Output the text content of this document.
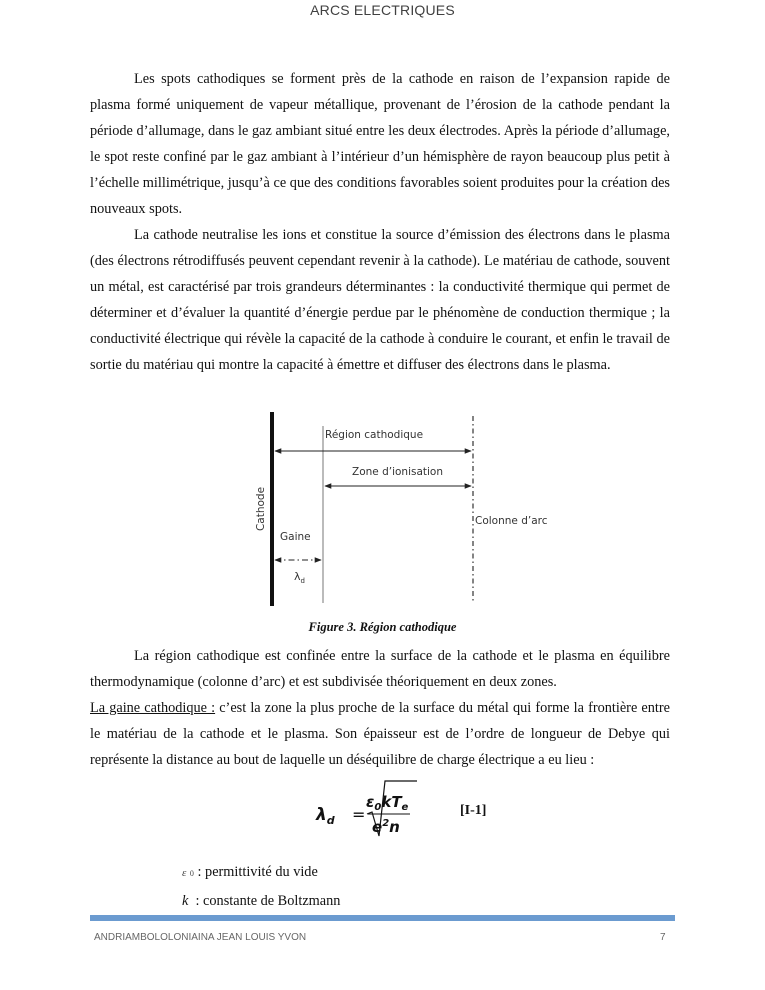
ARCS ELECTRIQUES

Les spots cathodiques se forment près de la cathode en raison de l’expansion rapide de plasma formé uniquement de vapeur métallique, provenant de l’érosion de la cathode pendant la période d’allumage, dans le gaz ambiant situé entre les deux électrodes. Après la période d’allumage, le spot reste confiné par le gaz ambiant à l’intérieur d’un hémisphère de rayon beaucoup plus petit à l’échelle millimétrique, jusqu’à ce que des conditions favorables soient produites pour la création des nouveaux spots.

La cathode neutralise les ions et constitue la source d’émission des électrons dans le plasma (des électrons rétrodiffusés peuvent cependant revenir à la cathode). Le matériau de cathode, souvent un métal, est caractérisé par trois grandeurs déterminantes : la conductivité thermique qui permet de déterminer et d’évaluer la quantité d’énergie perdue par le phénomène de conduction thermique ; la conductivité électrique qui révèle la capacité de la cathode à conduire le courant, et enfin le travail de sortie du matériau qui montre la capacité à émettre et diffuser des électrons dans le plasma.

Région cathodique
Zone d’ionisation
Colonne d’arc
Gaine
Cathode
$\lambda_d$
Figure 3. Région cathodique

La région cathodique est confinée entre la surface de la cathode et le plasma en équilibre thermodynamique (colonne d’arc) et est subdivisée théoriquement en deux zones.

La gaine cathodique : c’est la zone la plus proche de la surface du métal qui forme la frontière entre le matériau de la cathode et le plasma. Son épaisseur est de l’ordre de longueur de Debye qui représente la distance au bout de laquelle un déséquilibre de charge électrique a eu lieu :

$\lambda_d$ =
$\varepsilon_0kT_e$
$e^2n$
[I-1]
ε 0 : permittivité du vide
k  : constante de Boltzmann
ANDRIAMBOLOLONIAINA JEAN LOUIS YVON	7
